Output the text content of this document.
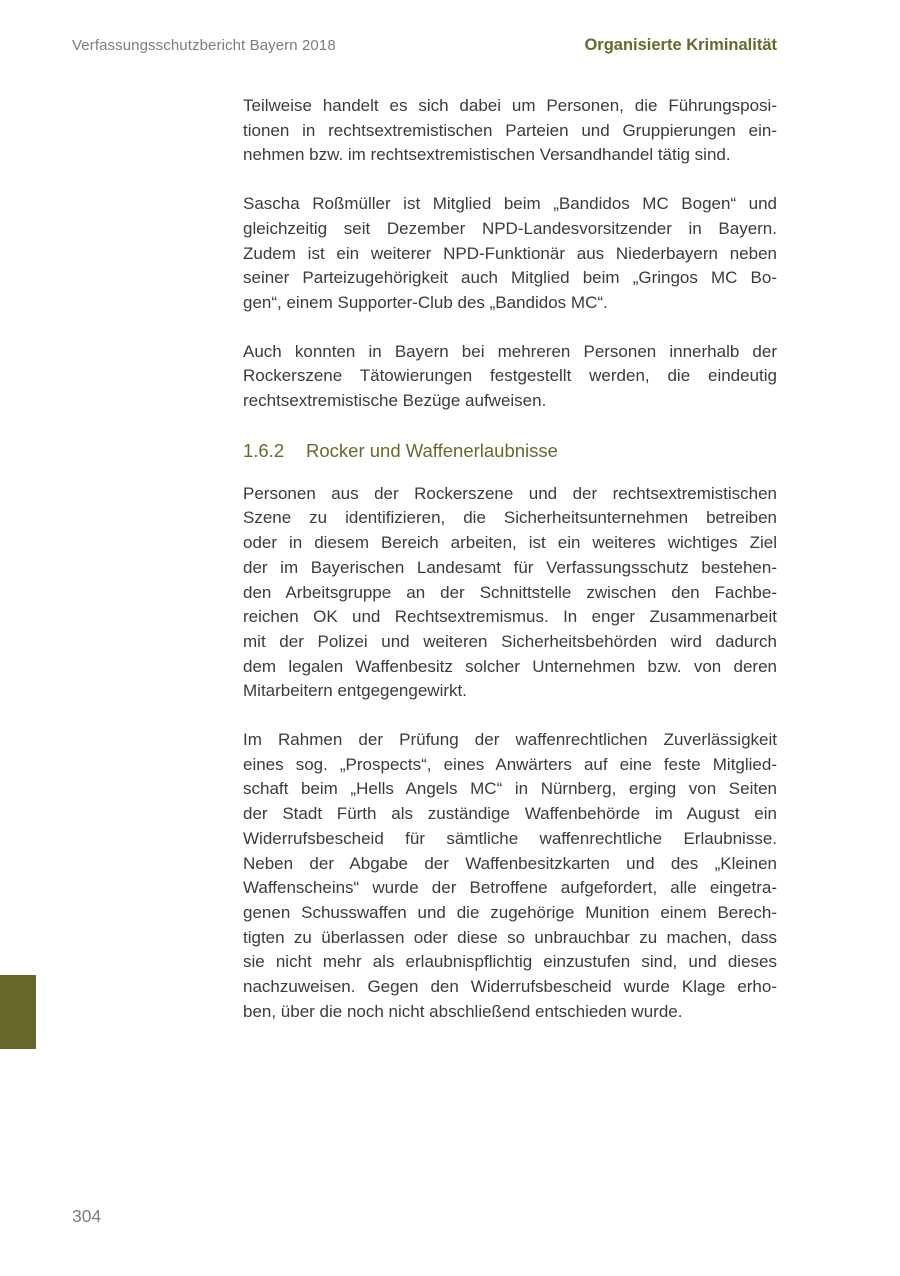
Verfassungsschutzbericht Bayern 2018	Organisierte Kriminalität
Teilweise handelt es sich dabei um Personen, die Führungsposi-
tionen in rechtsextremistischen Parteien und Gruppierungen ein-
nehmen bzw. im rechtsextremistischen Versandhandel tätig sind.
Sascha Roßmüller ist Mitglied beim „Bandidos MC Bogen“ und
gleichzeitig seit Dezember NPD-Landesvorsitzender in Bayern.
Zudem ist ein weiterer NPD-Funktionär aus Niederbayern neben
seiner Parteizugehörigkeit auch Mitglied beim „Gringos MC Bo-
gen“, einem Supporter-Club des „Bandidos MC“.
Auch konnten in Bayern bei mehreren Personen innerhalb der
Rockerszene Tätowierungen festgestellt werden, die eindeutig
rechtsextremistische Bezüge aufweisen.
1.6.2 Rocker und Waffenerlaubnisse
Personen aus der Rockerszene und der rechtsextremistischen
Szene zu identifizieren, die Sicherheitsunternehmen betreiben
oder in diesem Bereich arbeiten, ist ein weiteres wichtiges Ziel
der im Bayerischen Landesamt für Verfassungsschutz bestehen-
den Arbeitsgruppe an der Schnittstelle zwischen den Fachbe-
reichen OK und Rechtsextremismus. In enger Zusammenarbeit
mit der Polizei und weiteren Sicherheitsbehörden wird dadurch
dem legalen Waffenbesitz solcher Unternehmen bzw. von deren
Mitarbeitern entgegengewirkt.
Im Rahmen der Prüfung der waffenrechtlichen Zuverlässigkeit
eines sog. „Prospects“, eines Anwärters auf eine feste Mitglied-
schaft beim „Hells Angels MC“ in Nürnberg, erging von Seiten
der Stadt Fürth als zuständige Waffenbehörde im August ein
Widerrufsbescheid für sämtliche waffenrechtliche Erlaubnisse.
Neben der Abgabe der Waffenbesitzkarten und des „Kleinen
Waffenscheins“ wurde der Betroffene aufgefordert, alle eingetra-
genen Schusswaffen und die zugehörige Munition einem Berech-
tigten zu überlassen oder diese so unbrauchbar zu machen, dass
sie nicht mehr als erlaubnispflichtig einzustufen sind, und dieses
nachzuweisen. Gegen den Widerrufsbescheid wurde Klage erho-
ben, über die noch nicht abschließend entschieden wurde.
304
